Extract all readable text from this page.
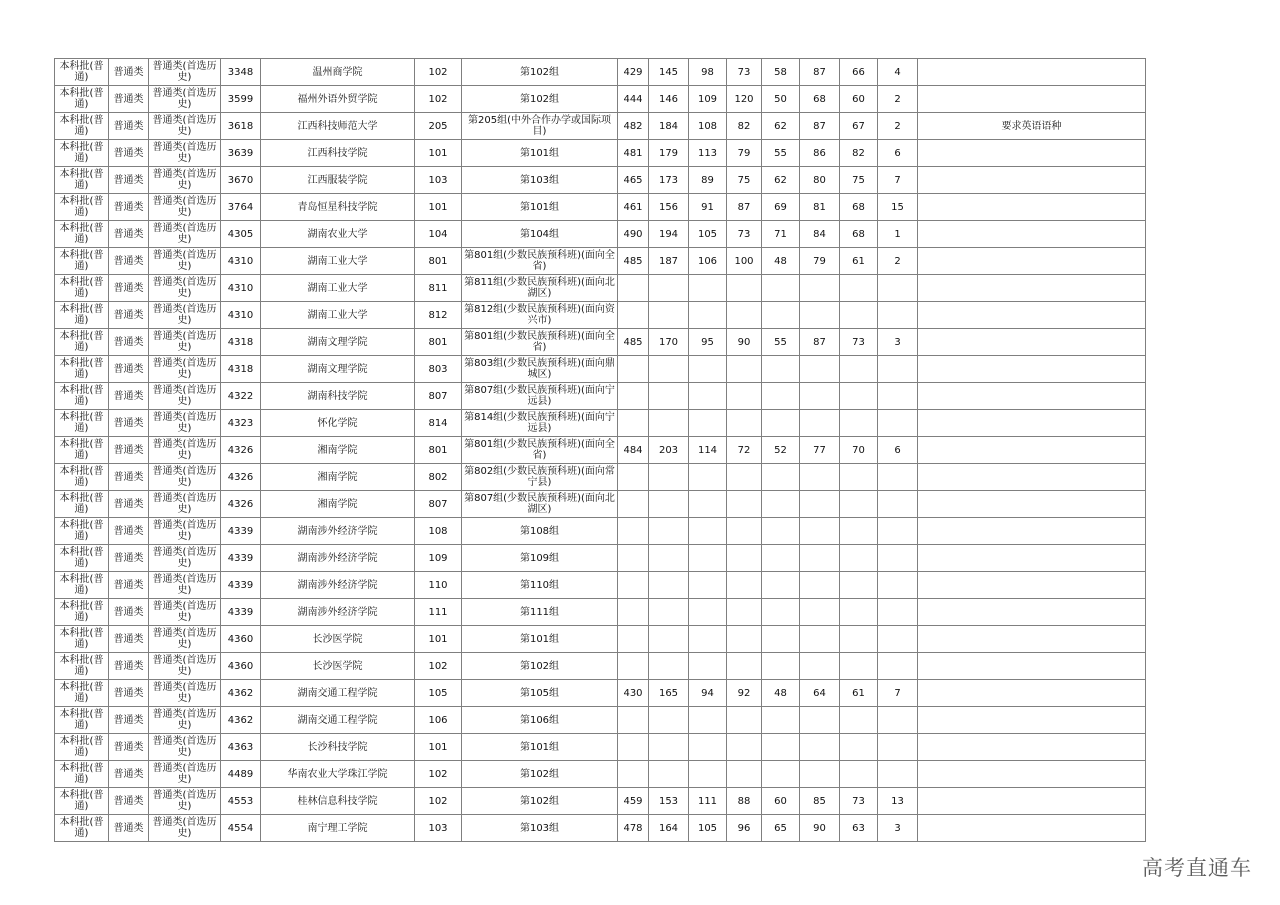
本科批(普通)	普通类	普通类(首选历史)	3348	温州商学院	102	第102组	429	145	98	73	58	87	66	4	
本科批(普通)	普通类	普通类(首选历史)	3599	福州外语外贸学院	102	第102组	444	146	109	120	50	68	60	2	
本科批(普通)	普通类	普通类(首选历史)	3618	江西科技师范大学	205	第205组(中外合作办学或国际项目)	482	184	108	82	62	87	67	2	要求英语语种
本科批(普通)	普通类	普通类(首选历史)	3639	江西科技学院	101	第101组	481	179	113	79	55	86	82	6	
本科批(普通)	普通类	普通类(首选历史)	3670	江西服装学院	103	第103组	465	173	89	75	62	80	75	7	
本科批(普通)	普通类	普通类(首选历史)	3764	青岛恒星科技学院	101	第101组	461	156	91	87	69	81	68	15	
本科批(普通)	普通类	普通类(首选历史)	4305	湖南农业大学	104	第104组	490	194	105	73	71	84	68	1	
本科批(普通)	普通类	普通类(首选历史)	4310	湖南工业大学	801	第801组(少数民族预科班)(面向全省)	485	187	106	100	48	79	61	2	
本科批(普通)	普通类	普通类(首选历史)	4310	湖南工业大学	811	第811组(少数民族预科班)(面向北湖区)									
本科批(普通)	普通类	普通类(首选历史)	4310	湖南工业大学	812	第812组(少数民族预科班)(面向资兴市)									
本科批(普通)	普通类	普通类(首选历史)	4318	湖南文理学院	801	第801组(少数民族预科班)(面向全省)	485	170	95	90	55	87	73	3	
本科批(普通)	普通类	普通类(首选历史)	4318	湖南文理学院	803	第803组(少数民族预科班)(面向鼎城区)									
本科批(普通)	普通类	普通类(首选历史)	4322	湖南科技学院	807	第807组(少数民族预科班)(面向宁远县)									
本科批(普通)	普通类	普通类(首选历史)	4323	怀化学院	814	第814组(少数民族预科班)(面向宁远县)									
本科批(普通)	普通类	普通类(首选历史)	4326	湘南学院	801	第801组(少数民族预科班)(面向全省)	484	203	114	72	52	77	70	6	
本科批(普通)	普通类	普通类(首选历史)	4326	湘南学院	802	第802组(少数民族预科班)(面向常宁县)									
本科批(普通)	普通类	普通类(首选历史)	4326	湘南学院	807	第807组(少数民族预科班)(面向北湖区)									
本科批(普通)	普通类	普通类(首选历史)	4339	湖南涉外经济学院	108	第108组									
本科批(普通)	普通类	普通类(首选历史)	4339	湖南涉外经济学院	109	第109组									
本科批(普通)	普通类	普通类(首选历史)	4339	湖南涉外经济学院	110	第110组									
本科批(普通)	普通类	普通类(首选历史)	4339	湖南涉外经济学院	111	第111组									
本科批(普通)	普通类	普通类(首选历史)	4360	长沙医学院	101	第101组									
本科批(普通)	普通类	普通类(首选历史)	4360	长沙医学院	102	第102组									
本科批(普通)	普通类	普通类(首选历史)	4362	湖南交通工程学院	105	第105组	430	165	94	92	48	64	61	7	
本科批(普通)	普通类	普通类(首选历史)	4362	湖南交通工程学院	106	第106组									
本科批(普通)	普通类	普通类(首选历史)	4363	长沙科技学院	101	第101组									
本科批(普通)	普通类	普通类(首选历史)	4489	华南农业大学珠江学院	102	第102组									
本科批(普通)	普通类	普通类(首选历史)	4553	桂林信息科技学院	102	第102组	459	153	111	88	60	85	73	13	
本科批(普通)	普通类	普通类(首选历史)	4554	南宁理工学院	103	第103组	478	164	105	96	65	90	63	3	
高考直通车
